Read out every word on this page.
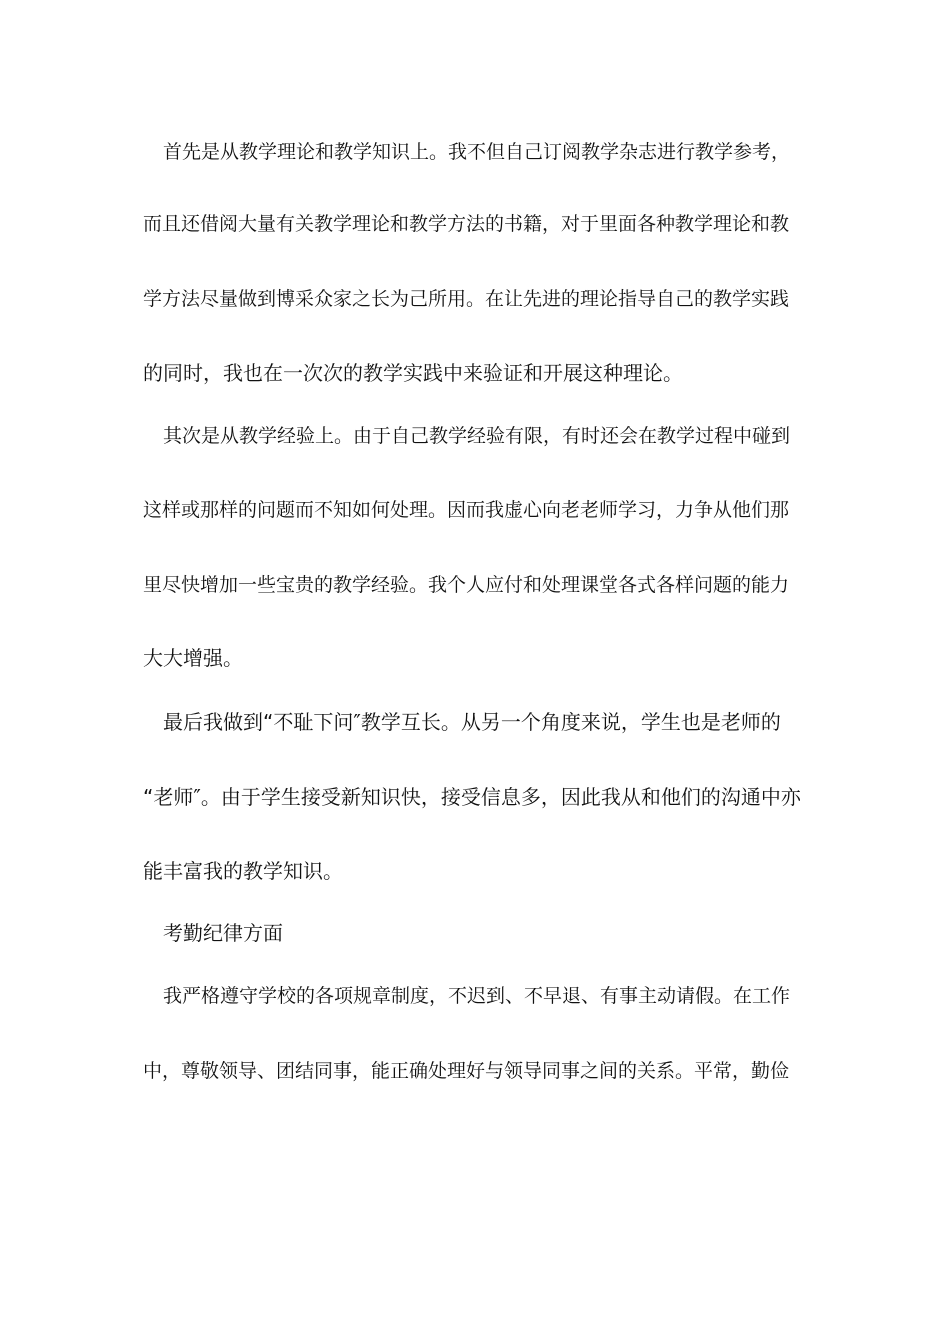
首先是从教学理论和教学知识上。我不但自己订阅教学杂志进行教学参考，
而且还借阅大量有关教学理论和教学方法的书籍，对于里面各种教学理论和教
学方法尽量做到博采众家之长为己所用。在让先进的理论指导自己的教学实践
的同时，我也在一次次的教学实践中来验证和开展这种理论。
其次是从教学经验上。由于自己教学经验有限，有时还会在教学过程中碰到
这样或那样的问题而不知如何处理。因而我虚心向老老师学习，力争从他们那
里尽快增加一些宝贵的教学经验。我个人应付和处理课堂各式各样问题的能力
大大增强。
最后我做到“不耻下问″教学互长。从另一个角度来说，学生也是老师的
“老师″。由于学生接受新知识快，接受信息多，因此我从和他们的沟通中亦
能丰富我的教学知识。
考勤纪律方面
我严格遵守学校的各项规章制度，不迟到、不早退、有事主动请假。在工作
中，尊敬领导、团结同事，能正确处理好与领导同事之间的关系。平常，勤俭
